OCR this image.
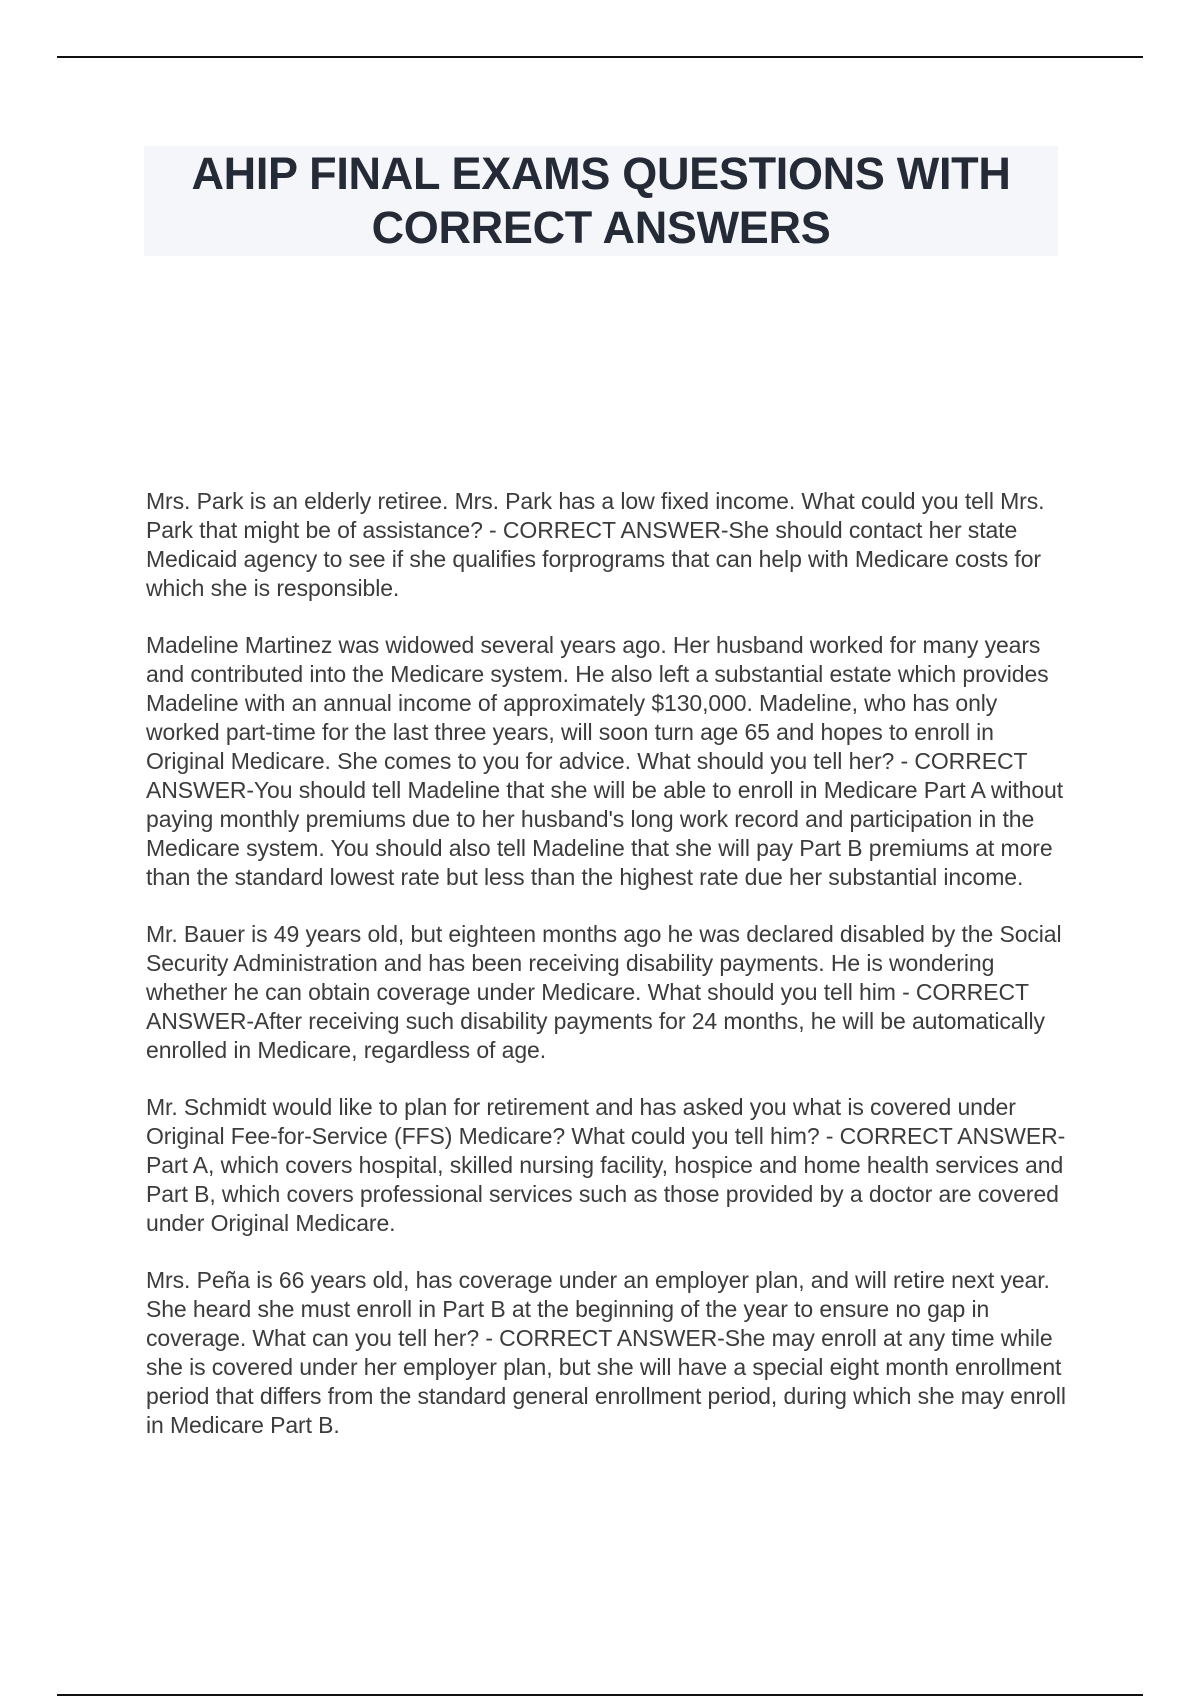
AHIP FINAL EXAMS QUESTIONS WITH CORRECT ANSWERS

Mrs. Park is an elderly retiree. Mrs. Park has a low fixed income. What could you tell Mrs. Park that might be of assistance? - CORRECT ANSWER-She should contact her state Medicaid agency to see if she qualifies forprograms that can help with Medicare costs for which she is responsible.

Madeline Martinez was widowed several years ago. Her husband worked for many years and contributed into the Medicare system. He also left a substantial estate which provides Madeline with an annual income of approximately $130,000. Madeline, who has only worked part-time for the last three years, will soon turn age 65 and hopes to enroll in Original Medicare. She comes to you for advice. What should you tell her? - CORRECT ANSWER-You should tell Madeline that she will be able to enroll in Medicare Part A without paying monthly premiums due to her husband's long work record and participation in the Medicare system. You should also tell Madeline that she will pay Part B premiums at more than the standard lowest rate but less than the highest rate due her substantial income.

Mr. Bauer is 49 years old, but eighteen months ago he was declared disabled by the Social Security Administration and has been receiving disability payments. He is wondering whether he can obtain coverage under Medicare. What should you tell him - CORRECT ANSWER-After receiving such disability payments for 24 months, he will be automatically enrolled in Medicare, regardless of age.

Mr. Schmidt would like to plan for retirement and has asked you what is covered under Original Fee-for-Service (FFS) Medicare? What could you tell him? - CORRECT ANSWER-Part A, which covers hospital, skilled nursing facility, hospice and home health services and Part B, which covers professional services such as those provided by a doctor are covered under Original Medicare.

Mrs. Peña is 66 years old, has coverage under an employer plan, and will retire next year. She heard she must enroll in Part B at the beginning of the year to ensure no gap in coverage. What can you tell her? - CORRECT ANSWER-She may enroll at any time while she is covered under her employer plan, but she will have a special eight month enrollment period that differs from the standard general enrollment period, during which she may enroll in Medicare Part B.
